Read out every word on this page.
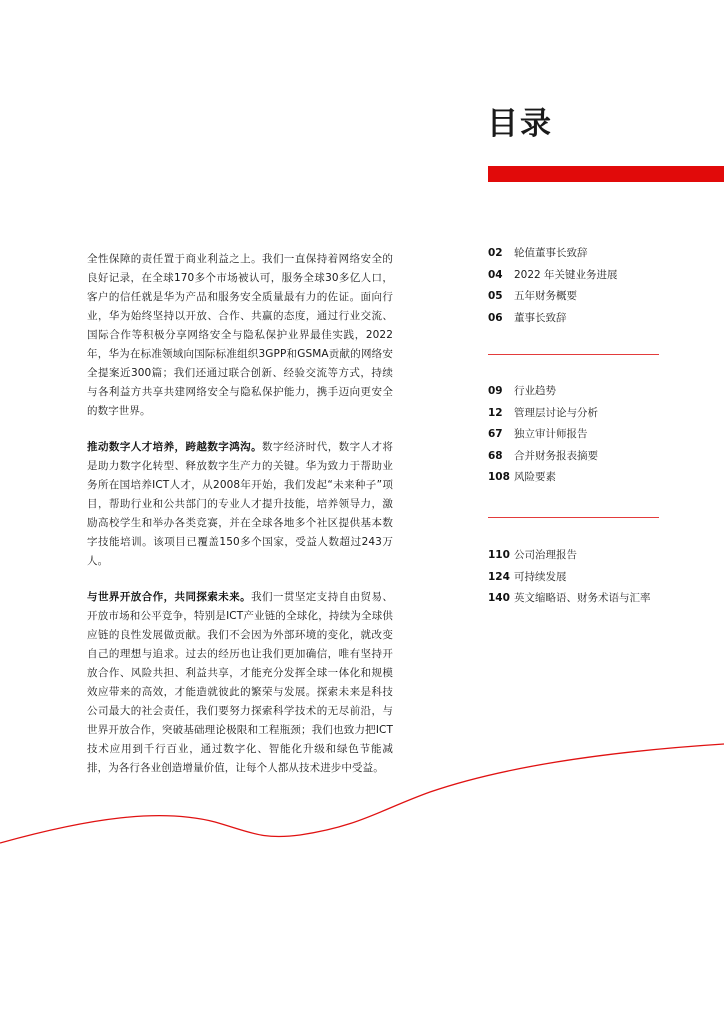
目录

全性保障的责任置于商业利益之上。我们一直保持着网络安全的良好记录，在全球170多个市场被认可，服务全球30多亿人口，客户的信任就是华为产品和服务安全质量最有力的佐证。面向行业，华为始终坚持以开放、合作、共赢的态度，通过行业交流、国际合作等积极分享网络安全与隐私保护业界最佳实践，2022年，华为在标准领域向国际标准组织3GPP和GSMA贡献的网络安全提案近300篇；我们还通过联合创新、经验交流等方式，持续与各利益方共享共建网络安全与隐私保护能力，携手迈向更安全的数字世界。

推动数字人才培养，跨越数字鸿沟。数字经济时代，数字人才将是助力数字化转型、释放数字生产力的关键。华为致力于帮助业务所在国培养ICT人才，从2008年开始，我们发起“未来种子”项目，帮助行业和公共部门的专业人才提升技能，培养领导力，激励高校学生和举办各类竞赛，并在全球各地多个社区提供基本数字技能培训。该项目已覆盖150多个国家，受益人数超过243万人。

与世界开放合作，共同探索未来。我们一贯坚定支持自由贸易、开放市场和公平竞争，特别是ICT产业链的全球化，持续为全球供应链的良性发展做贡献。我们不会因为外部环境的变化，就改变自己的理想与追求。过去的经历也让我们更加确信，唯有坚持开放合作、风险共担、利益共享，才能充分发挥全球一体化和规模效应带来的高效，才能造就彼此的繁荣与发展。探索未来是科技公司最大的社会责任，我们要努力探索科学技术的无尽前沿，与世界开放合作，突破基础理论极限和工程瓶颈；我们也致力把ICT技术应用到千行百业，通过数字化、智能化升级和绿色节能减排，为各行各业创造增量价值，让每个人都从技术进步中受益。

02	轮值董事长致辞
04	2022 年关键业务进展
05	五年财务概要
06	董事长致辞
09	行业趋势
12	管理层讨论与分析
67	独立审计师报告
68	合并财务报表摘要
108 风险要素
110 公司治理报告
124 可持续发展
140 英文缩略语、财务术语与汇率
